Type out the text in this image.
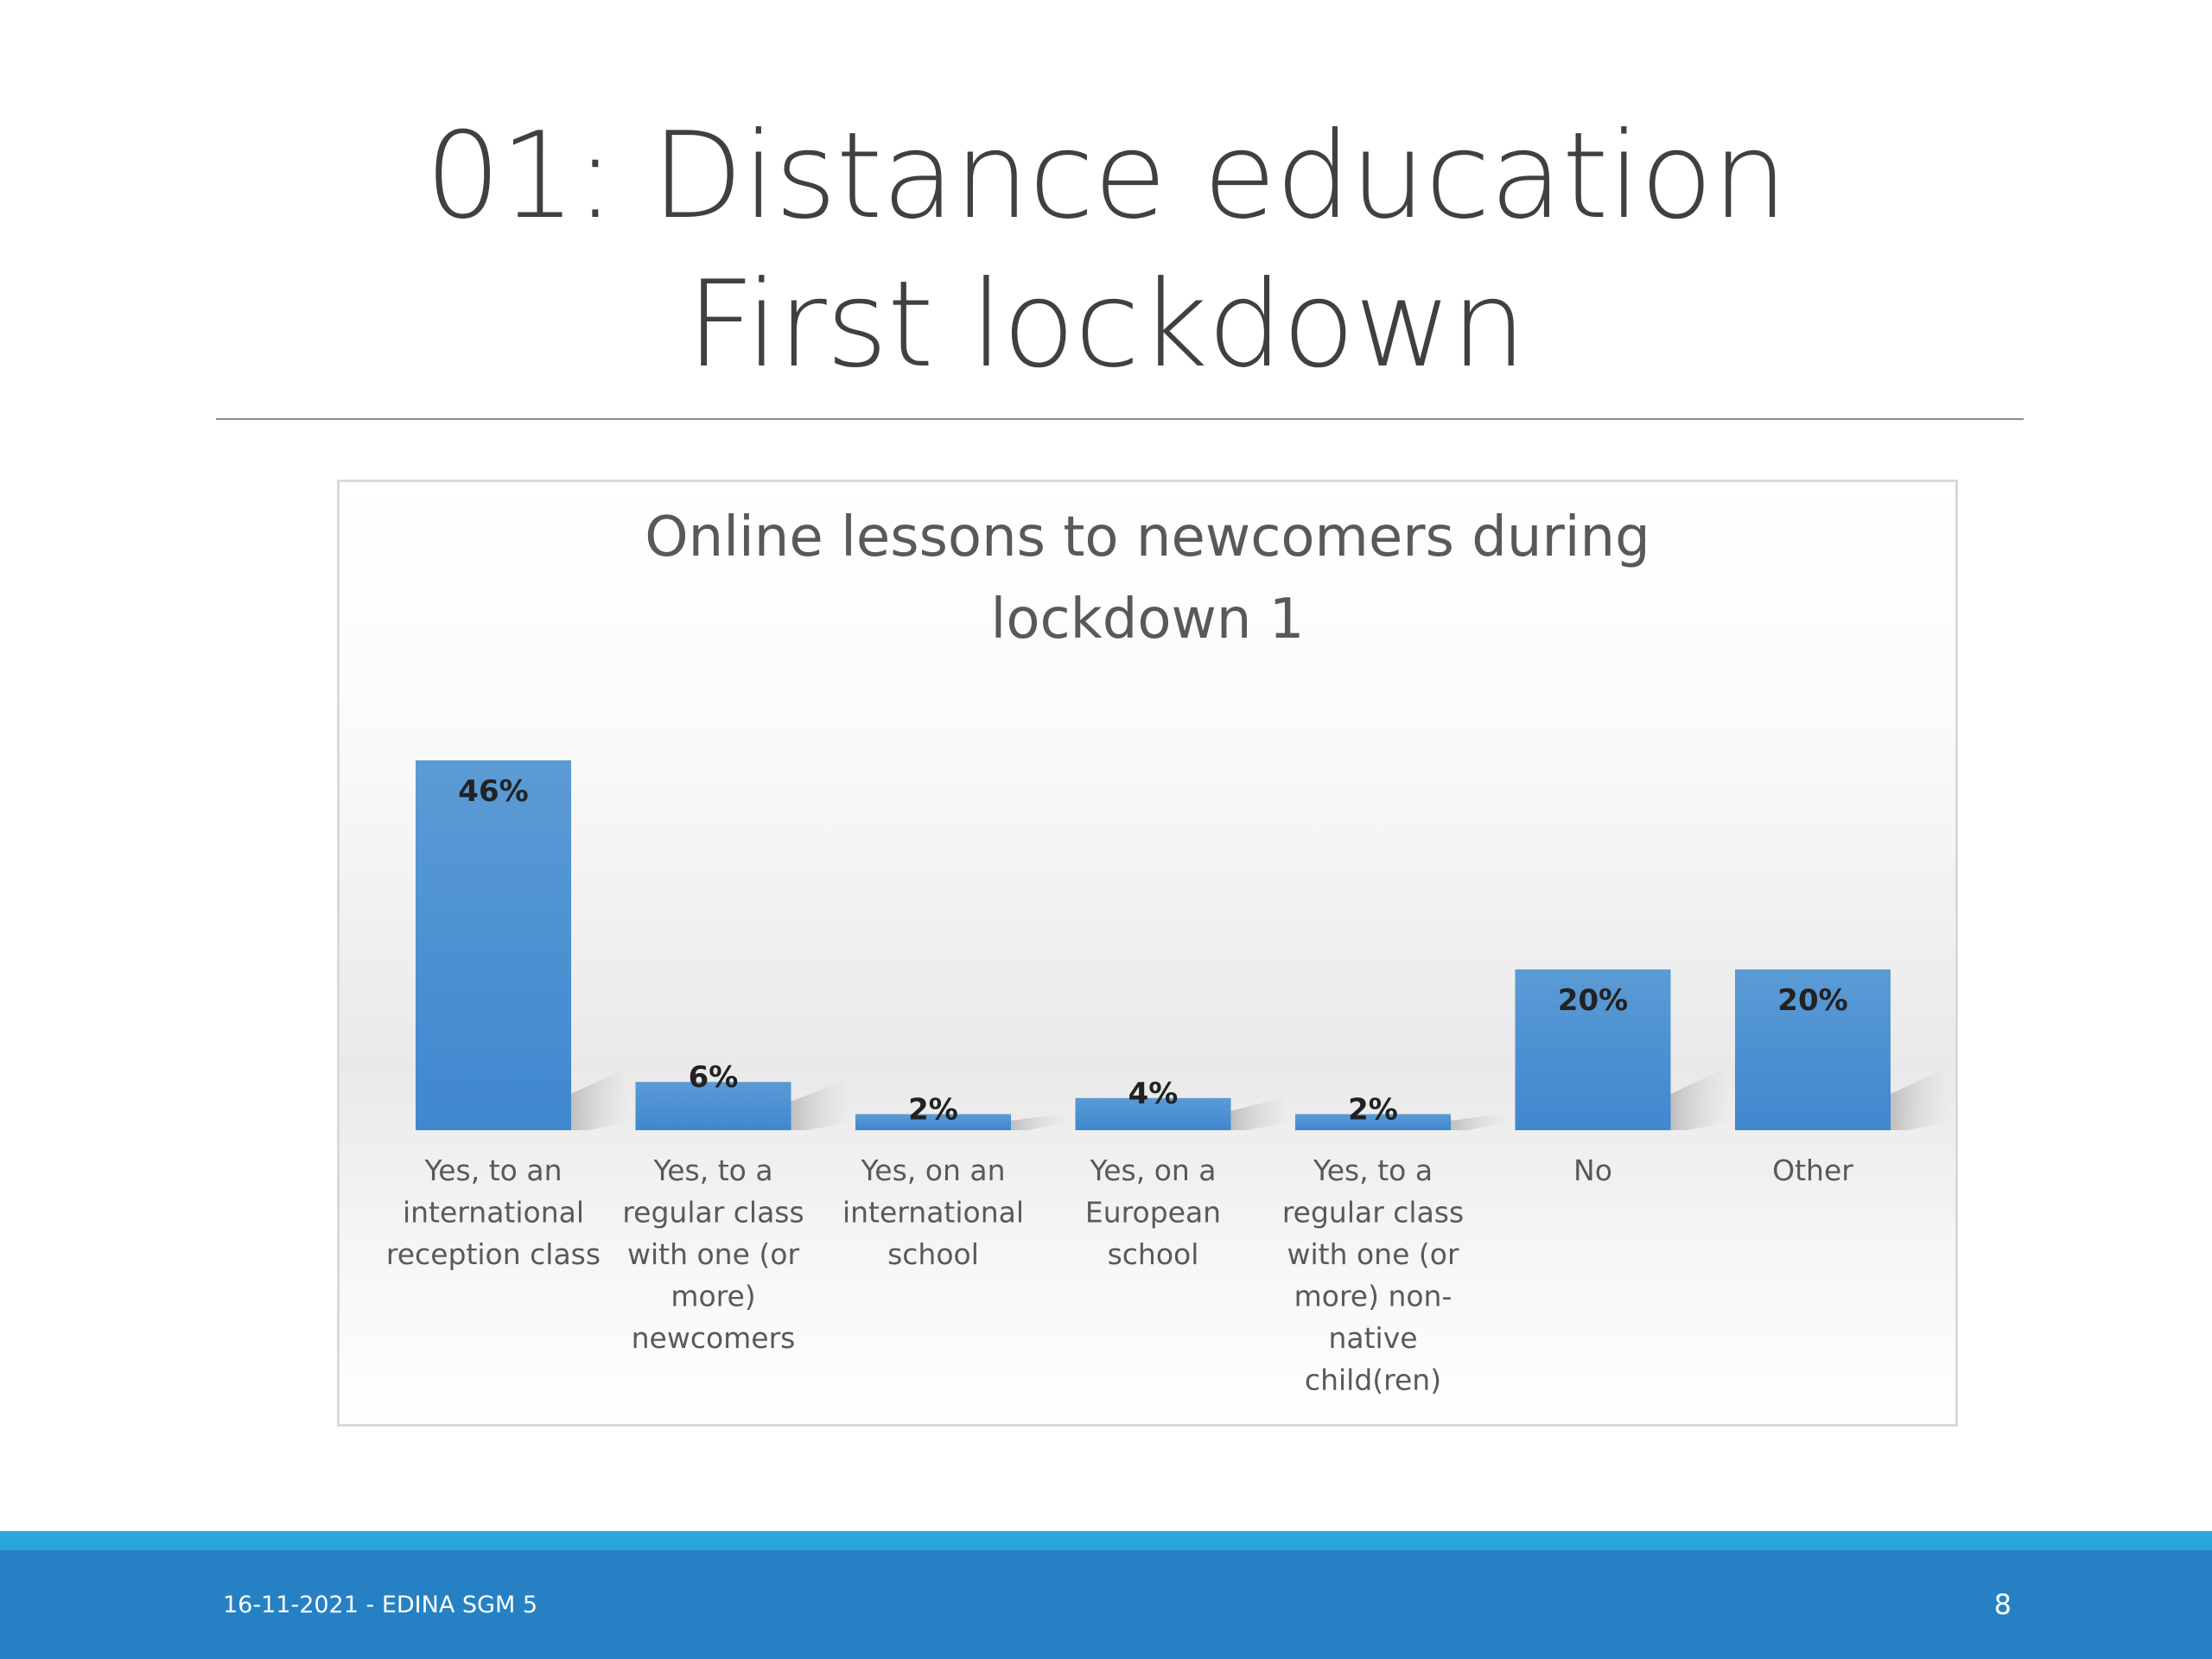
01: Distance education
First lockdown
Online lessons to newcomers during
lockdown 1
46%
6%
2%	4%	2%
20%	20%
Yes, to an international reception class
Yes, to a regular class with one (or more) newcomers
Yes, on an international school
Yes, on a European school
Yes, to a regular class with one (or more) non-native child(ren)
No	Other
16-11-2021 - EDINA SGM 5	8
